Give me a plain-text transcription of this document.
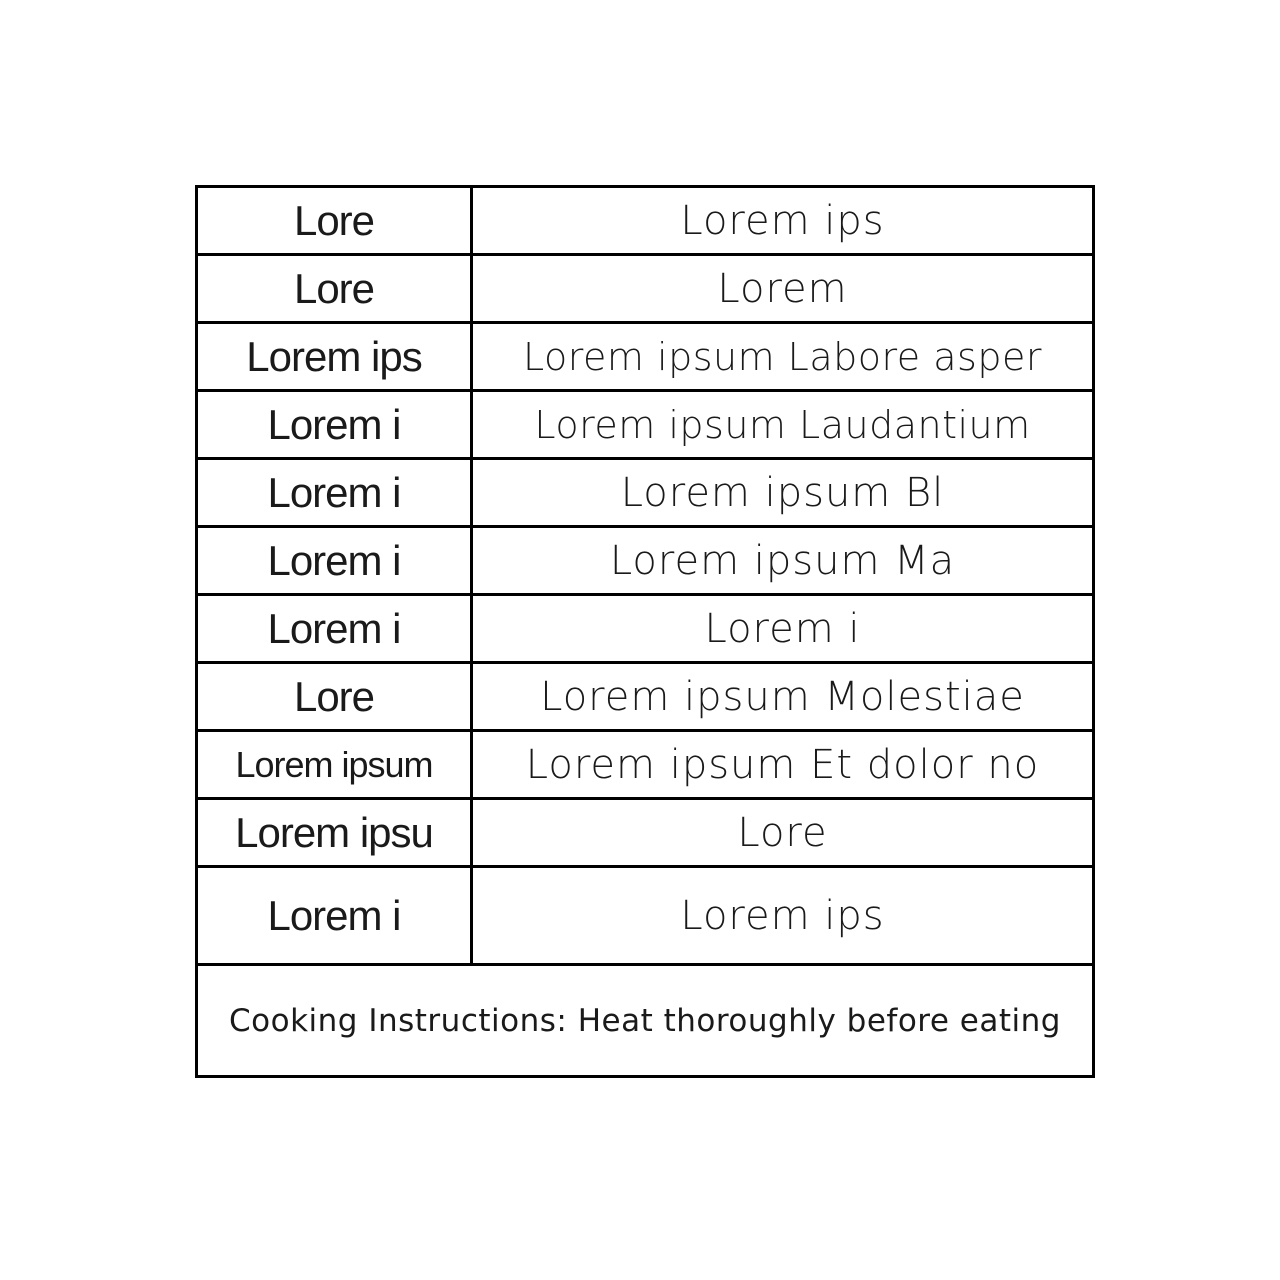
Lore	Lorem ips
Lore	Lorem
Lorem ips	Lorem ipsum Labore asper
Lorem i	Lorem ipsum Laudantium
Lorem i	Lorem ipsum Bl
Lorem i	Lorem ipsum Ma
Lorem i	Lorem i
Lore	Lorem ipsum Molestiae
Lorem ipsum	Lorem ipsum Et dolor no
Lorem ipsu	Lore
Lorem i	Lorem ips
Cooking Instructions: Heat thoroughly before eating	
